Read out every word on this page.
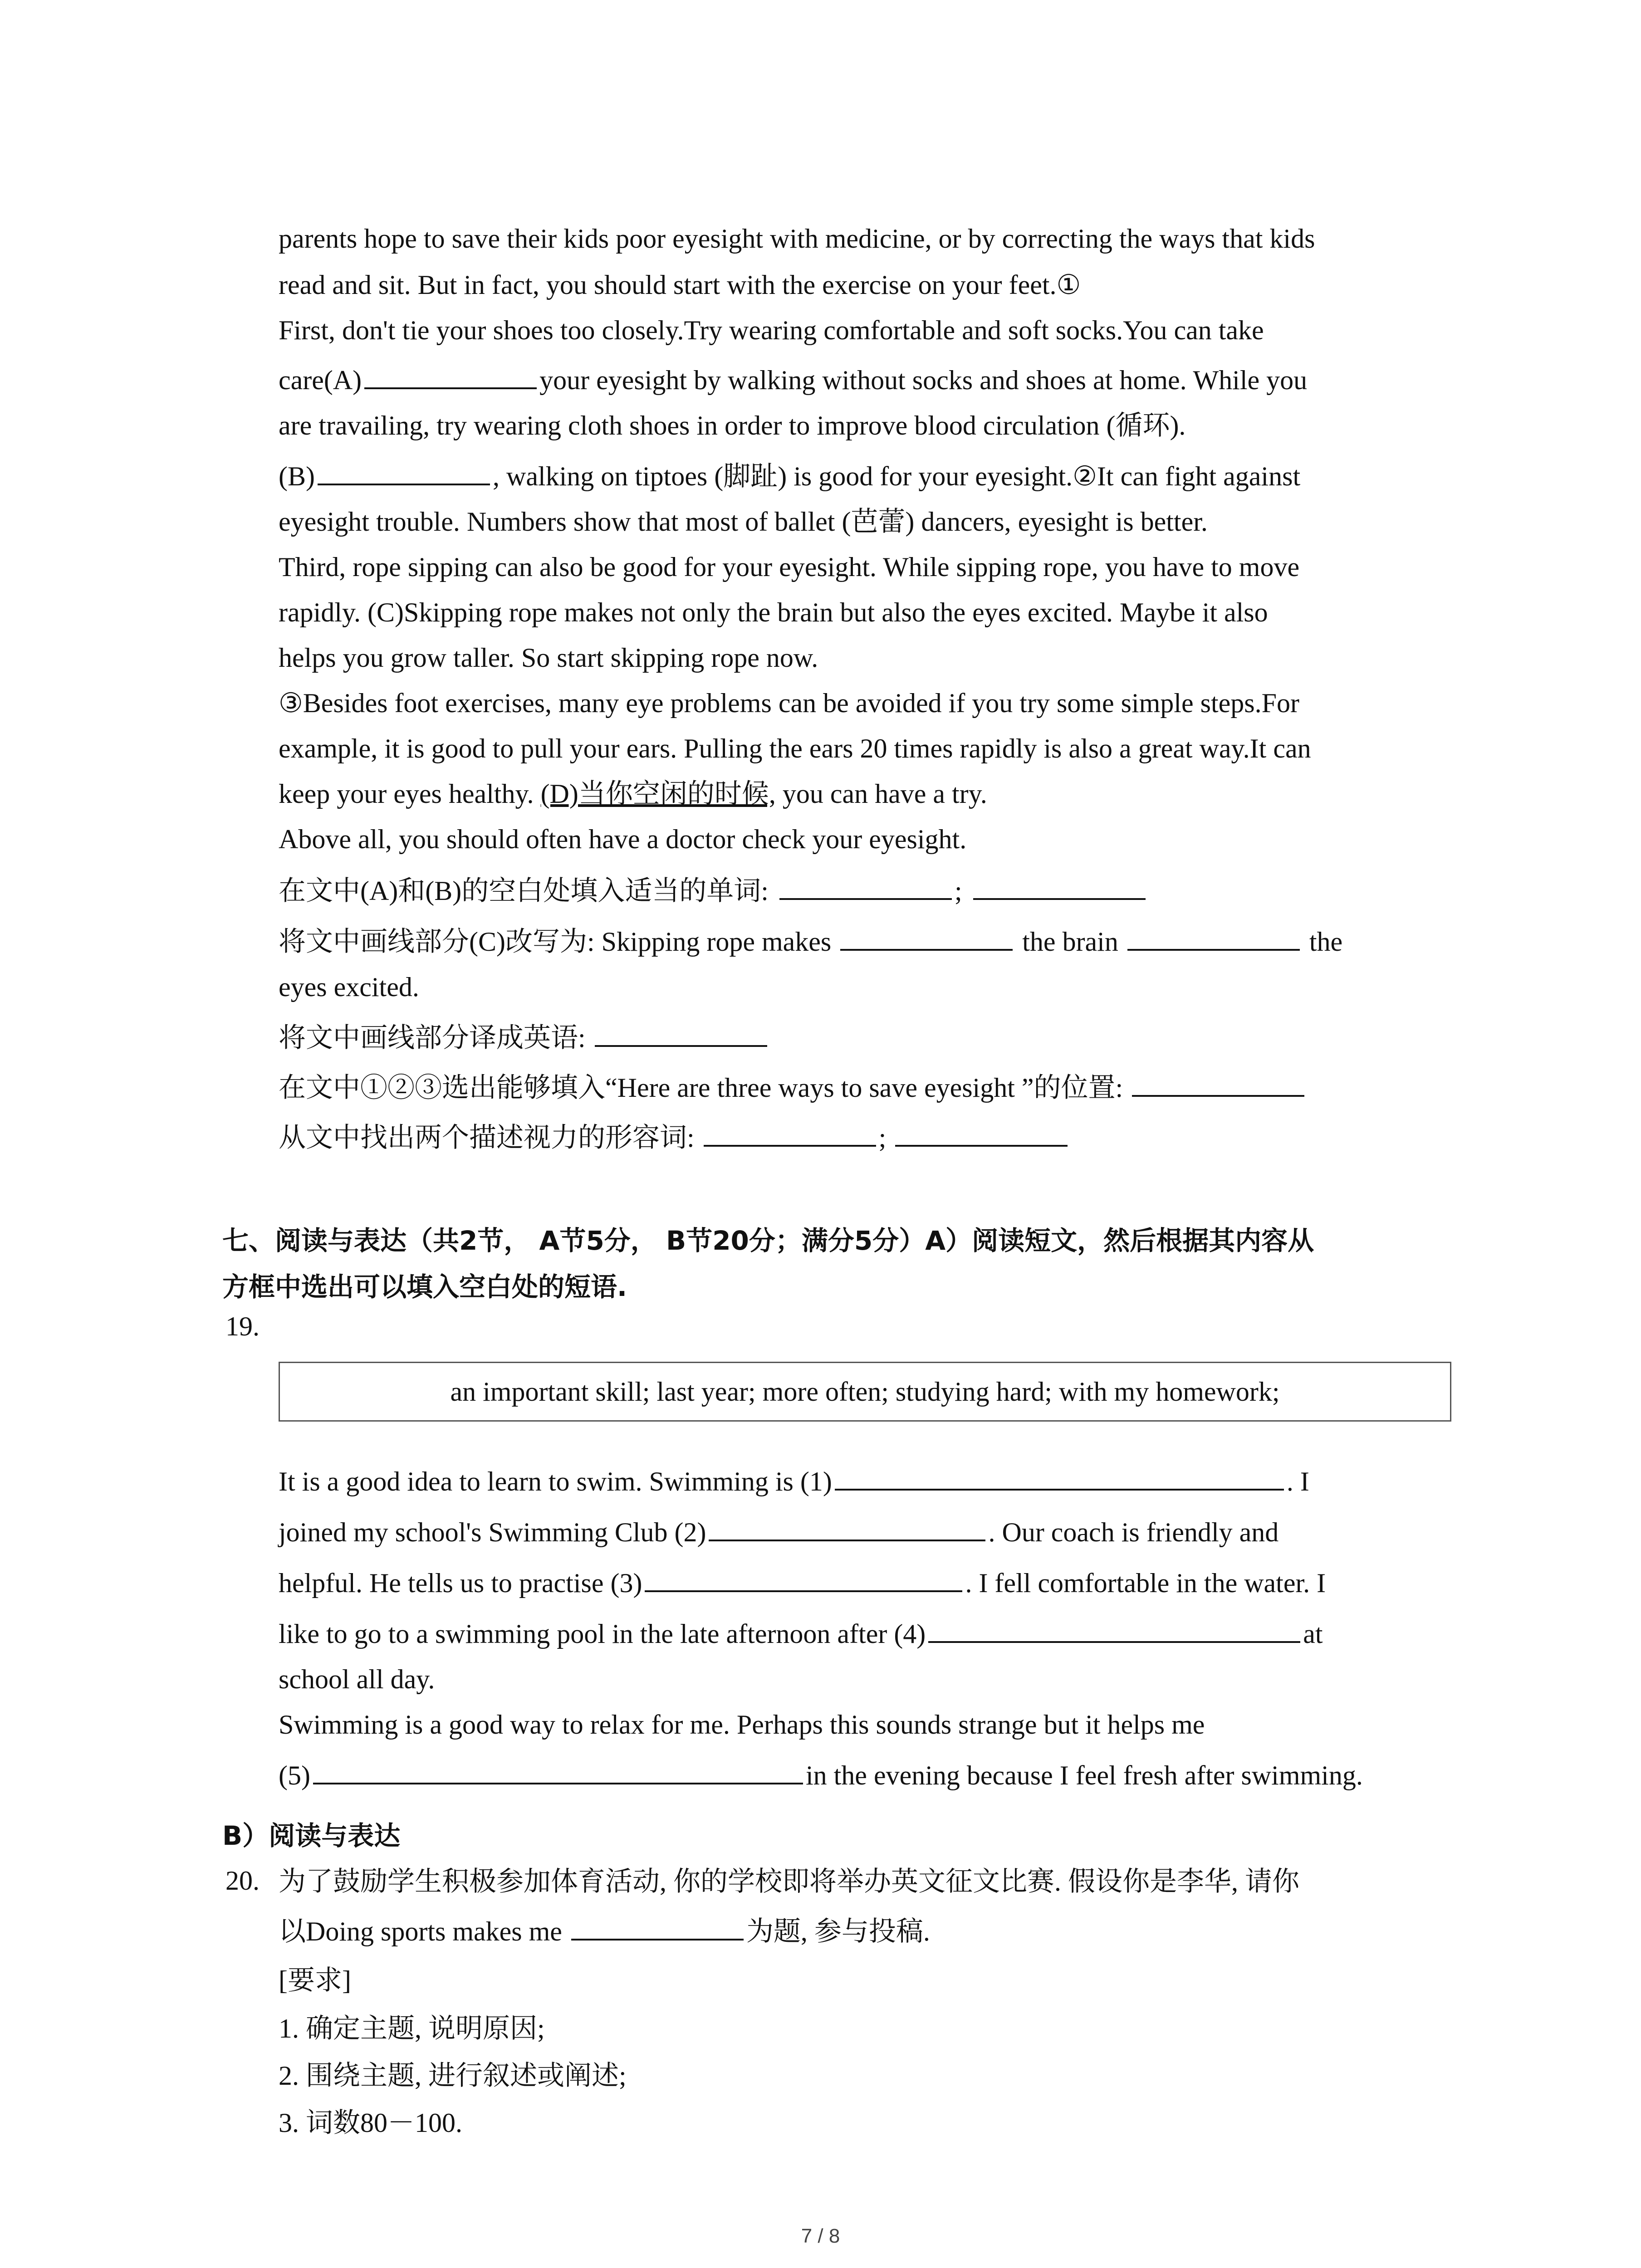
parents hope to save their kids poor eyesight with medicine, or by correcting the ways that kids
read and sit. But in fact, you should start with the exercise on your feet.①
First, don't tie your shoes too closely.Try wearing comfortable and soft socks.You can take
care(A)	your eyesight by walking without socks and shoes at home. While you
are travailing, try wearing cloth shoes in order to improve blood circulation (循环).
(B)	, walking on tiptoes (脚趾) is good for your eyesight.②It can fight against
eyesight trouble. Numbers show that most of ballet (芭蕾) dancers, eyesight is better.
Third, rope sipping can also be good for your eyesight. While sipping rope, you have to move
rapidly. (C)Skipping rope makes not only the brain but also the eyes excited. Maybe it also
helps you grow taller. So start skipping rope now.
③Besides foot exercises, many eye problems can be avoided if you try some simple steps.For
example, it is good to pull your ears. Pulling the ears 20 times rapidly is also a great way.It can
keep your eyes healthy. (D)当你空闲的时候, you can have a try.
Above all, you should often have a doctor check your eyesight.
在文中(A)和(B)的空白处填入适当的单词:	;
将文中画线部分(C)改写为: Skipping rope makes	the brain	the
eyes excited.
将文中画线部分译成英语:
在文中①②③选出能够填入“Here are three ways to save eyesight ”的位置:
从文中找出两个描述视力的形容词:	;
七、阅读与表达（共2节， A节5分， B节20分；满分5分）A）阅读短文，然后根据其内容从
方框中选出可以填入空白处的短语.
19.
an important skill; last year; more often; studying hard; with my homework;
It is a good idea to learn to swim. Swimming is (1)	. I
joined my school's Swimming Club (2)	. Our coach is friendly and
helpful. He tells us to practise (3)	. I fell comfortable in the water. I
like to go to a swimming pool in the late afternoon after (4)	at
school all day.
Swimming is a good way to relax for me. Perhaps this sounds strange but it helps me
(5)	in the evening because I feel fresh after swimming.
B）阅读与表达
20. 为了鼓励学生积极参加体育活动, 你的学校即将举办英文征文比赛. 假设你是李华, 请你
以Doing sports makes me	为题, 参与投稿.
[要求]
1. 确定主题, 说明原因;
2. 围绕主题, 进行叙述或阐述;
3. 词数80－100.
7 / 8
